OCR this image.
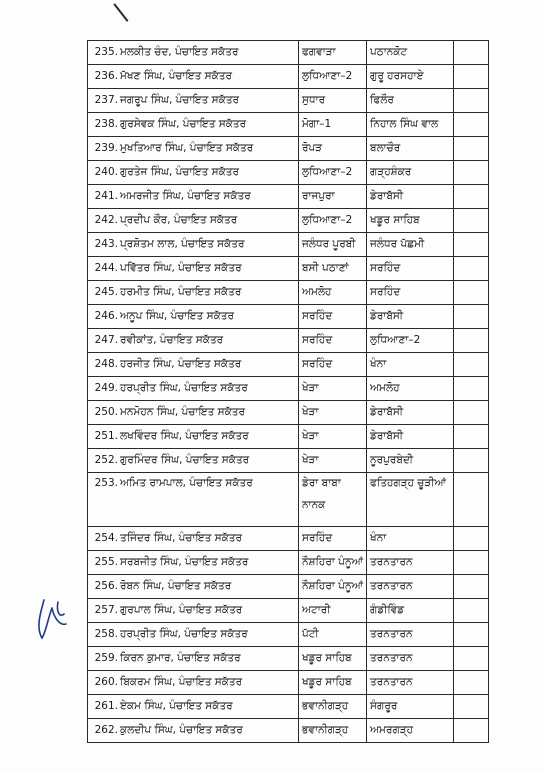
235.	ਮਲਕੀਤ ਚੰਦ, ਪੰਚਾਇਤ ਸਕੱਤਰ	ਫਗਵਾੜਾ	ਪਠਾਨਕੋਟ	
236.	ਮੱਖਣ ਸਿੰਘ, ਪੰਚਾਇਤ ਸਕੱਤਰ	ਲੁਧਿਆਣਾ–2	ਗੁਰੂ ਹਰਸਹਾਏ	
237.	ਜਗਰੂਪ ਸਿੰਘ, ਪੰਚਾਇਤ ਸਕੱਤਰ	ਸੁਧਾਰ	ਫਿਲੌਰ	
238.	ਗੁਰਸੇਵਕ ਸਿੰਘ, ਪੰਚਾਇਤ ਸਕੱਤਰ	ਮੋਗਾ–1	ਨਿਹਾਲ ਸਿੰਘ ਵਾਲ	
239.	ਮੁਖਤਿਆਰ ਸਿੰਘ, ਪੰਚਾਇਤ ਸਕੱਤਰ	ਰੋਪੜ	ਬਲਾਚੌਰ	
240.	ਗੁਰਤੇਜ ਸਿੰਘ, ਪੰਚਾਇਤ ਸਕੱਤਰ	ਲੁਧਿਆਣਾ–2	ਗੜ੍ਹਸ਼ੰਕਰ	
241.	ਅਮਰਜੀਤ ਸਿੰਘ, ਪੰਚਾਇਤ ਸਕੱਤਰ	ਰਾਜਪੁਰਾ	ਡੇਰਾਬੱਸੀ	
242.	ਪ੍ਰਦੀਪ ਕੌਰ, ਪੰਚਾਇਤ ਸਕੱਤਰ	ਲੁਧਿਆਣਾ–2	ਖਡੂਰ ਸਾਹਿਬ	
243.	ਪ੍ਰਸ਼ੋਤਮ ਲਾਲ, ਪੰਚਾਇਤ ਸਕੱਤਰ	ਜਲੰਧਰ ਪੂਰਬੀ	ਜਲੰਧਰ ਪੱਛਮੀ	
244.	ਪਵਿੱਤਰ ਸਿੰਘ, ਪੰਚਾਇਤ ਸਕੱਤਰ	ਬਸੀ ਪਠਾਣਾਂ	ਸਰਹਿੰਦ	
245.	ਹਰਮੀਤ ਸਿੰਘ, ਪੰਚਾਇਤ ਸਕੱਤਰ	ਅਮਲੋਹ	ਸਰਹਿੰਦ	
246.	ਅਨੂਪ ਸਿੰਘ, ਪੰਚਾਇਤ ਸਕੱਤਰ	ਸਰਹਿੰਦ	ਡੇਰਾਬੱਸੀ	
247.	ਰਵੀਕਾਂਤ, ਪੰਚਾਇਤ ਸਕੱਤਰ	ਸਰਹਿੰਦ	ਲੁਧਿਆਣਾ–2	
248.	ਹਰਜੀਤ ਸਿੰਘ, ਪੰਚਾਇਤ ਸਕੱਤਰ	ਸਰਹਿੰਦ	ਖੰਨਾ	
249.	ਹਰਪ੍ਰੀਤ ਸਿੰਘ, ਪੰਚਾਇਤ ਸਕੱਤਰ	ਖੇੜਾ	ਅਮਲੋਹ	
250.	ਮਨਮੋਹਨ ਸਿੰਘ, ਪੰਚਾਇਤ ਸਕੱਤਰ	ਖੇੜਾ	ਡੇਰਾਬੱਸੀ	
251.	ਲਖਵਿੰਦਰ ਸਿੰਘ, ਪੰਚਾਇਤ ਸਕੱਤਰ	ਖੇੜਾ	ਡੇਰਾਬੱਸੀ	
252.	ਗੁਰਮਿੰਦਰ ਸਿੰਘ, ਪੰਚਾਇਤ ਸਕੱਤਰ	ਖੇੜਾ	ਨੂਰਪੁਰਬੇਦੀ	
253.	ਅਮਿਤ ਰਾਮਪਾਲ, ਪੰਚਾਇਤ ਸਕੱਤਰ	ਡੇਰਾ ਬਾਬਾ
ਨਾਨਕ	ਫਤਿਹਗੜ੍ਹ ਚੂੜੀਆਂ	
254.	ਤਜਿੰਦਰ ਸਿੰਘ, ਪੰਚਾਇਤ ਸਕੱਤਰ	ਸਰਹਿੰਦ	ਖੰਨਾ	
255.	ਸਰਬਜੀਤ ਸਿੰਘ, ਪੰਚਾਇਤ ਸਕੱਤਰ	ਨੌਸ਼ਹਿਰਾ ਪੰਨੂਆਂ	ਤਰਨਤਾਰਨ	
256.	ਰੋਬਨ ਸਿੰਘ, ਪੰਚਾਇਤ ਸਕੱਤਰ	ਨੌਸ਼ਹਿਰਾ ਪੰਨੂਆਂ	ਤਰਨਤਾਰਨ	
257.	ਗੁਰਪਾਲ ਸਿੰਘ, ਪੰਚਾਇਤ ਸਕੱਤਰ	ਅਟਾਰੀ	ਗੰਡੀਵਿੰਡ	
258.	ਹਰਪ੍ਰੀਤ ਸਿੰਘ, ਪੰਚਾਇਤ ਸਕੱਤਰ	ਪੱਟੀ	ਤਰਨਤਾਰਨ	
259.	ਕਿਰਨ ਕੁਮਾਰ, ਪੰਚਾਇਤ ਸਕੱਤਰ	ਖਡੂਰ ਸਾਹਿਬ	ਤਰਨਤਾਰਨ	
260.	ਬਿਕਰਮ ਸਿੰਘ, ਪੰਚਾਇਤ ਸਕੱਤਰ	ਖਡੂਰ ਸਾਹਿਬ	ਤਰਨਤਾਰਨ	
261.	ਏਕਮ ਸਿੰਘ, ਪੰਚਾਇਤ ਸਕੱਤਰ	ਭਵਾਨੀਗੜ੍ਹ	ਸੰਗਰੂਰ	
262.	ਕੁਲਦੀਪ ਸਿੰਘ, ਪੰਚਾਇਤ ਸਕੱਤਰ	ਭਵਾਨੀਗੜ੍ਹ	ਅਮਰਗੜ੍ਹ	
